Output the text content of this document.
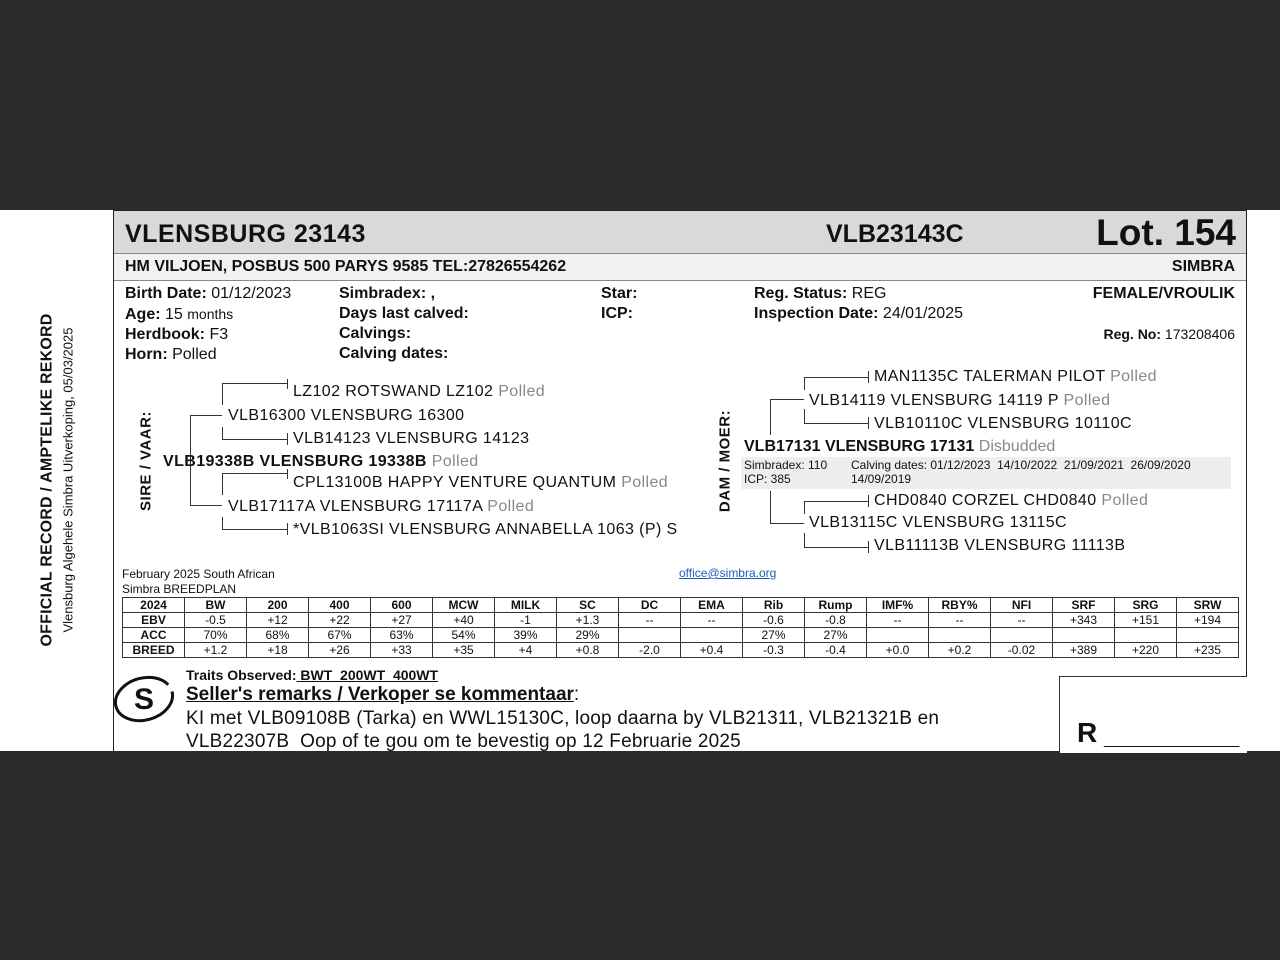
OFFICIAL RECORD / AMPTELIKE REKORD Vlensburg Algehele Simbra Uitverkoping, 05/03/2025
VLENSBURG 23143	VLB23143C	Lot. 154
HM VILJOEN, POSBUS 500 PARYS 9585 TEL:27826554262	SIMBRA
Birth Date: 01/12/2023
Age: 15 months
Herdbook: F3
Horn: Polled
Simbradex: ,
Days last calved:
Calvings:
Calving dates:
Star:
ICP:
Reg. Status: REG
Inspection Date: 24/01/2025
FEMALE/VROULIK
Reg. No: 173208406
SIRE / VAAR:
LZ102 ROTSWAND LZ102 Polled
VLB16300 VLENSBURG 16300
VLB14123 VLENSBURG 14123
VLB19338B VLENSBURG 19338B Polled
CPL13100B HAPPY VENTURE QUANTUM Polled
VLB17117A VLENSBURG 17117A Polled
*VLB1063SI VLENSBURG ANNABELLA 1063 (P) S
DAM / MOER:
MAN1135C TALERMAN PILOT Polled
VLB14119 VLENSBURG 14119 P Polled
VLB10110C VLENSBURG 10110C
VLB17131 VLENSBURG 17131 Disbudded
Simbradex: 110
ICP: 385
Calving dates: 01/12/2023  14/10/2022  21/09/2021  26/09/2020
14/09/2019
CHD0840 CORZEL CHD0840 Polled
VLB13115C VLENSBURG 13115C
VLB11113B VLENSBURG 11113B
February 2025 South African
Simbra BREEDPLAN
office@simbra.org
2024	BW	200	400	600	MCW	MILK	SC	DC	EMA	Rib	Rump	IMF%	RBY%	NFI	SRF	SRG	SRW
EBV	-0.5	+12	+22	+27	+40	-1	+1.3	--	--	-0.6	-0.8	--	--	--	+343	+151	+194
ACC	70%	68%	67%	63%	54%	39%	29%			27%	27%						
BREED	+1.2	+18	+26	+33	+35	+4	+0.8	-2.0	+0.4	-0.3	-0.4	+0.0	+0.2	-0.02	+389	+220	+235
Traits Observed: BWT  200WT  400WT
S Seller's remarks / Verkoper se kommentaar:
KI met VLB09108B (Tarka) en WWL15130C, loop daarna by VLB21311, VLB21321B en
VLB22307B  Oop of te gou om te bevestig op 12 Februarie 2025	R _________________
